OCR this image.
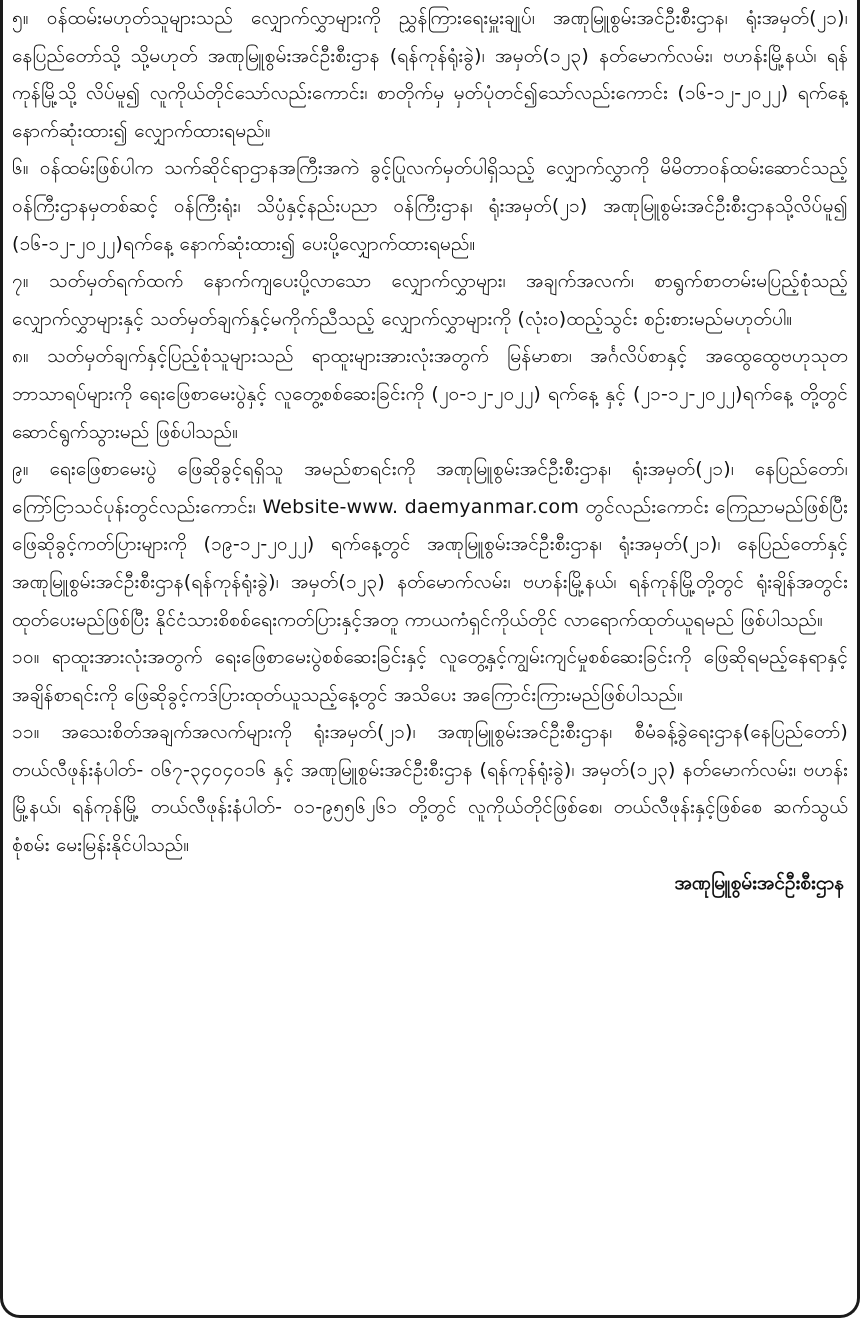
၅။ ဝန်ထမ်းမဟုတ်သူများသည် လျှောက်လွှာများကို ညွှန်ကြားရေးမှူးချုပ်၊ အဏုမြူစွမ်းအင်ဦးစီးဌာန၊ ရုံးအမှတ်(၂၁)၊ နေပြည်တော်သို့ သို့မဟုတ် အဏုမြူစွမ်းအင်ဦးစီးဌာန (ရန်ကုန်ရုံးခွဲ)၊ အမှတ်(၁၂၃) နတ်မောက်လမ်း၊ ဗဟန်းမြို့နယ်၊ ရန်ကုန်မြို့သို့ လိပ်မူ၍ လူကိုယ်တိုင်သော်လည်းကောင်း၊ စာတိုက်မှ မှတ်ပုံတင်၍သော်လည်းကောင်း (၁၆-၁၂-၂၀၂၂) ရက်နေ့ နောက်ဆုံးထား၍ လျှောက်ထားရမည်။

၆။ ဝန်ထမ်းဖြစ်ပါက သက်ဆိုင်ရာဌာနအကြီးအကဲ ခွင့်ပြုလက်မှတ်ပါရှိသည့် လျှောက်လွှာကို မိမိတာဝန်ထမ်းဆောင်သည့် ဝန်ကြီးဌာနမှတစ်ဆင့် ဝန်ကြီးရုံး၊ သိပ္ပံနှင့်နည်းပညာ ဝန်ကြီးဌာန၊ ရုံးအမှတ်(၂၁) အဏုမြူစွမ်းအင်ဦးစီးဌာနသို့လိပ်မူ၍ (၁၆-၁၂-၂၀၂၂)ရက်နေ့ နောက်ဆုံးထား၍ ပေးပို့လျှောက်ထားရမည်။

၇။ သတ်မှတ်ရက်ထက် နောက်ကျပေးပို့လာသော လျှောက်လွှာများ၊ အချက်အလက်၊ စာရွက်စာတမ်းမပြည့်စုံသည့် လျှောက်လွှာများနှင့် သတ်မှတ်ချက်နှင့်မကိုက်ညီသည့် လျှောက်လွှာများကို (လုံးဝ)ထည့်သွင်း စဉ်းစားမည်မဟုတ်ပါ။

၈။ သတ်မှတ်ချက်နှင့်ပြည့်စုံသူများသည် ရာထူးများအားလုံးအတွက် မြန်မာစာ၊ အင်္ဂလိပ်စာနှင့် အထွေထွေဗဟုသုတဘာသာရပ်များကို ရေးဖြေစာမေးပွဲနှင့် လူတွေ့စစ်ဆေးခြင်းကို (၂၀-၁၂-၂၀၂၂) ရက်နေ့ နှင့် (၂၁-၁၂-၂၀၂၂)ရက်နေ့ တို့တွင် ဆောင်ရွက်သွားမည် ဖြစ်ပါသည်။

၉။ ရေးဖြေစာမေးပွဲ ဖြေဆိုခွင့်ရရှိသူ အမည်စာရင်းကို အဏုမြူစွမ်းအင်ဦးစီးဌာန၊ ရုံးအမှတ်(၂၁)၊ နေပြည်တော်၊ ကြော်ငြာသင်ပုန်းတွင်လည်းကောင်း၊ Website-www. daemyanmar.com တွင်လည်းကောင်း ကြေညာမည်ဖြစ်ပြီး ဖြေဆိုခွင့်ကတ်ပြားများကို (၁၉-၁၂-၂၀၂၂) ရက်နေ့တွင် အဏုမြူစွမ်းအင်ဦးစီးဌာန၊ ရုံးအမှတ်(၂၁)၊ နေပြည်တော်နှင့် အဏုမြူစွမ်းအင်ဦးစီးဌာန(ရန်ကုန်ရုံးခွဲ)၊ အမှတ်(၁၂၃) နတ်မောက်လမ်း၊ ဗဟန်းမြို့နယ်၊ ရန်ကုန်မြို့တို့တွင် ရုံးချိန်အတွင်းထုတ်ပေးမည်ဖြစ်ပြီး နိုင်ငံသားစိစစ်ရေးကတ်ပြားနှင့်အတူ ကာယကံရှင်ကိုယ်တိုင် လာရောက်ထုတ်ယူရမည် ဖြစ်ပါသည်။

၁၀။ ရာထူးအားလုံးအတွက် ရေးဖြေစာမေးပွဲစစ်ဆေးခြင်းနှင့် လူတွေ့နှင့်ကျွမ်းကျင်မှုစစ်ဆေးခြင်းကို ဖြေဆိုရမည့်နေရာနှင့် အချိန်စာရင်းကို ဖြေဆိုခွင့်ကဒ်ပြားထုတ်ယူသည့်နေ့တွင် အသိပေး အကြောင်းကြားမည်ဖြစ်ပါသည်။

၁၁။ အသေးစိတ်အချက်အလက်များကို ရုံးအမှတ်(၂၁)၊ အဏုမြူစွမ်းအင်ဦးစီးဌာန၊ စီမံခန့်ခွဲရေးဌာန(နေပြည်တော်) တယ်လီဖုန်းနံပါတ်- ၀၆၇-၃၄၀၄၀၁၆ နှင့် အဏုမြူစွမ်းအင်ဦးစီးဌာန (ရန်ကုန်ရုံးခွဲ)၊ အမှတ်(၁၂၃) နတ်မောက်လမ်း၊ ဗဟန်းမြို့နယ်၊ ရန်ကုန်မြို့ တယ်လီဖုန်းနံပါတ်- ၀၁-၉၅၅၆၂၆၁ တို့တွင် လူကိုယ်တိုင်ဖြစ်စေ၊ တယ်လီဖုန်းနှင့်ဖြစ်စေ ဆက်သွယ်စုံစမ်း မေးမြန်းနိုင်ပါသည်။

အဏုမြူစွမ်းအင်ဦးစီးဌာန
